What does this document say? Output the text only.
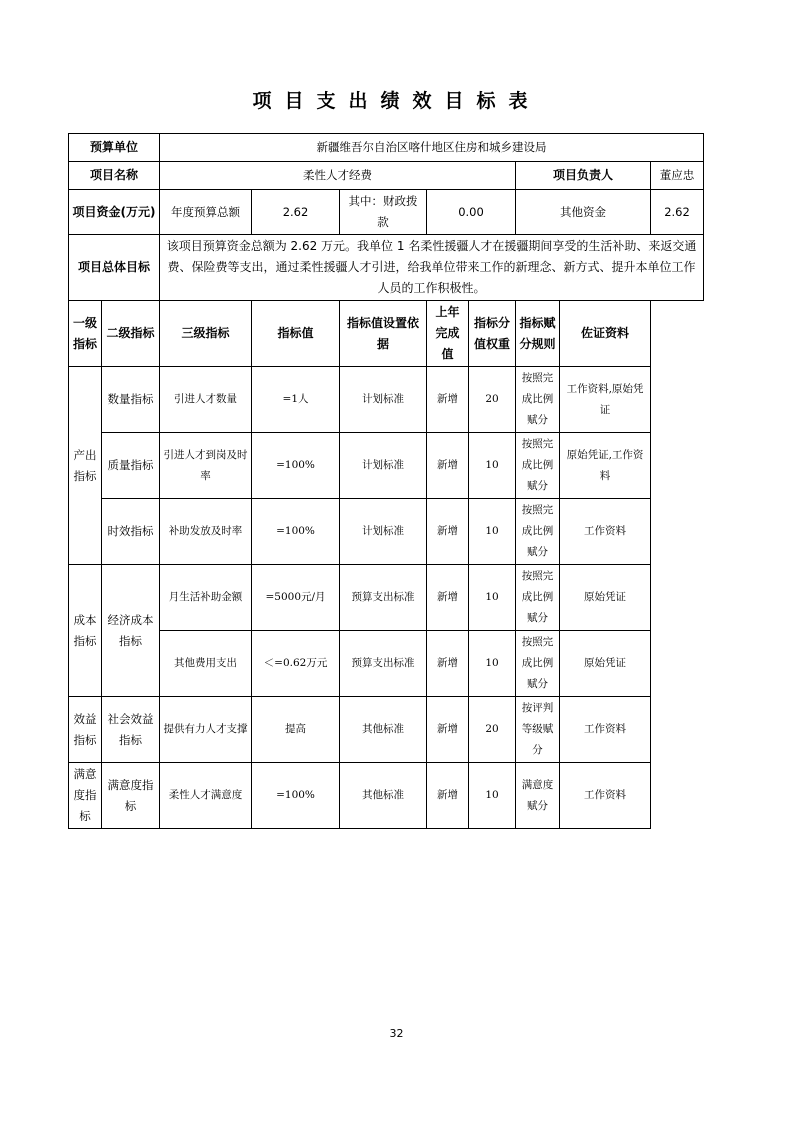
项目支出绩效目标表
预算单位		新疆维吾尔自治区喀什地区住房和城乡建设局							
项目名称		柔性人才经费					项目负责人		董应忠
项目资金(万元)		年度预算总额	2.62	其中：财政拨款	0.00		其他资金		2.62
项目总体目标		该项目预算资金总额为 2.62 万元。我单位 1 名柔性援疆人才在援疆期间享受的生活补助、来返交通费、保险费等支出，通过柔性援疆人才引进，给我单位带来工作的新理念、新方式、提升本单位工作人员的工作积极性。							
一级指标	二级指标	三级指标	指标值	指标值设置依据	上年完成值	指标分值权重	指标赋分规则	佐证资料	
产出指标	数量指标	引进人才数量	=1人	计划标准	新增	20	按照完成比例赋分	工作资料,原始凭证	
	质量指标	引进人才到岗及时率	=100%	计划标准	新增	10	按照完成比例赋分	原始凭证,工作资料	
	时效指标	补助发放及时率	=100%	计划标准	新增	10	按照完成比例赋分	工作资料	
成本指标	经济成本指标	月生活补助金额	=5000元/月	预算支出标准	新增	10	按照完成比例赋分	原始凭证	
		其他费用支出	＜=0.62万元	预算支出标准	新增	10	按照完成比例赋分	原始凭证	
效益指标	社会效益指标	提供有力人才支撑	提高	其他标准	新增	20	按评判等级赋分	工作资料	
满意度指标	满意度指标	柔性人才满意度	=100%	其他标准	新增	10	满意度赋分	工作资料	
32
